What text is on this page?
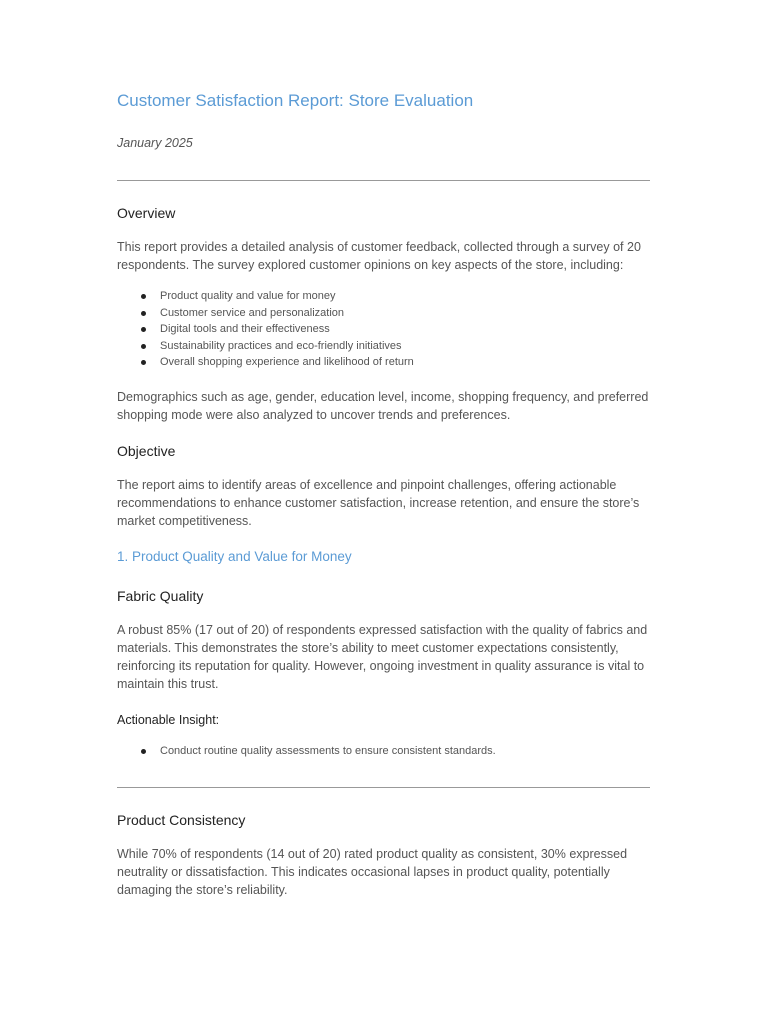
Customer Satisfaction Report: Store Evaluation
January 2025
Overview

This report provides a detailed analysis of customer feedback, collected through a survey of 20 respondents. The survey explored customer opinions on key aspects of the store, including:

Product quality and value for money
Customer service and personalization
Digital tools and their effectiveness
Sustainability practices and eco-friendly initiatives
Overall shopping experience and likelihood of return

Demographics such as age, gender, education level, income, shopping frequency, and preferred shopping mode were also analyzed to uncover trends and preferences.

Objective

The report aims to identify areas of excellence and pinpoint challenges, offering actionable recommendations to enhance customer satisfaction, increase retention, and ensure the store’s market competitiveness.

1. Product Quality and Value for Money
Fabric Quality

A robust 85% (17 out of 20) of respondents expressed satisfaction with the quality of fabrics and materials. This demonstrates the store’s ability to meet customer expectations consistently, reinforcing its reputation for quality. However, ongoing investment in quality assurance is vital to maintain this trust.

Actionable Insight:
Conduct routine quality assessments to ensure consistent standards.
Product Consistency

While 70% of respondents (14 out of 20) rated product quality as consistent, 30% expressed neutrality or dissatisfaction. This indicates occasional lapses in product quality, potentially damaging the store’s reliability.
